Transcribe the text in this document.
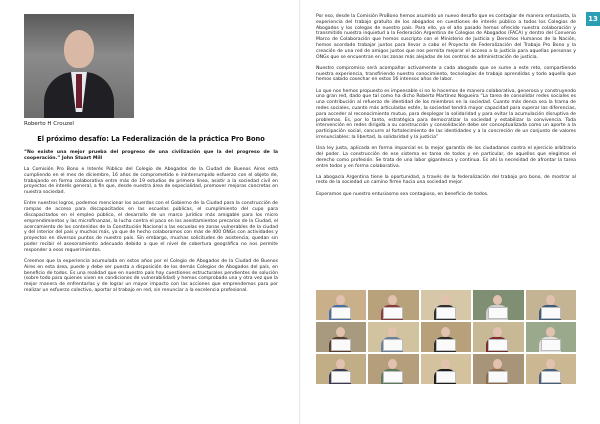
Roberto H Crouzel
El próximo desafío: La Federalización de la práctica Pro Bono

“No existe una mejor prueba del progreso de una civilización que la del progreso de la cooperación.” John Stuart Mill

La Comisión Pro Bono e Interés Público del Colegio de Abogados de la Ciudad de Buenos Aires está cumpliendo en el mes de diciembre, 16 años de comprometido e ininterrumpido esfuerzo con el objeto de, trabajando en forma colaborativa entre más de 19 estudios de primera línea, asistir a la sociedad civil en proyectos de interés general, a fin que, desde nuestra área de especialidad, promover mejoras concretas en nuestra sociedad.

Entre nuestros logros, podemos mencionar los acuerdos con el Gobierno de la Ciudad para la construcción de rampas de acceso para discapacitados en las escuelas públicas, el cumplimiento del cupo para discapacitados en el empleo público, el desarrollo de un marco jurídico más amigable para los micro emprendimientos y las microfinanzas, la lucha contra el paco en los asentamientos precarios de la Ciudad, el acercamiento de los contenidos de la Constitución Nacional a las escuelas en zonas vulnerables de la ciudad y del interior del país y muchos más, ya que de hecho colaboramos con más de 400 ONGs con actividades y proyectos en diversos puntos de nuestro país. Sin embargo, muchas solicitudes de asistencia, quedan sin poder recibir el asesoramiento adecuado debido a que el nivel de cobertura geográfica no nos permite responder a esos requerimientos.

Creemos que la experiencia acumulada en estos años por el Colegio de Abogados de la Ciudad de Buenos Aires en esta área, puede y debe ser puesta a disposición de los demás Colegios de Abogados del país, en beneficio de todos. Es una realidad que en nuestro país hay cuestiones estructurales pendientes de solución (sobre todo para quienes viven en condiciones de vulnerabilidad) y hemos comprobado una y otra vez que la mejor manera de enfrentarlas y de lograr un mayor impacto con las acciones que emprendemos para por realizar un esfuerzo colectivo, aportar al trabajo en red, sin renunciar a la excelencia profesional.

13

Por eso, desde la Comisión ProBono hemos asumido un nuevo desafío que es contagiar de manera entusiasta, la experiencia del trabajo gratuito de los abogados en cuestiones de interés público a todos los Colegios de Abogados y los colegas de nuestro país. Para ello, ya el año pasado hemos ofrecido nuestra colaboración y transmitido nuestra inquietud a la Federación Argentina de Colegios de Abogados (FACA) y dentro del Convenio Marco de Colaboración que hemos suscripto con el Ministerio de Justicia y Derechos Humanos de la Nación, hemos acordado trabajar juntos para llevar a cabo el Proyecto de Federalización del Trabajo Pro Bono y la creación de una red de amigos juntos que nos permita mejorar el acceso a la justicia para aquellas personas y ONGs que se encuentran en las zonas más alejadas de los centros de administración de justicia.

Nuestro compromiso será acompañar activamente a cada abogado que se sume a este reto, compartiendo nuestra experiencia, transfiriendo nuestro conocimiento, tecnologías de trabajo aprendidas y todo aquello que hemos sabido cosechar en estos 16 intensos años de labor.

Lo que nos hemos propuesto es impensable si no lo hacemos de manera colaborativa, generosa y construyendo una gran red, dado que tal como ha dicho Roberto Martínez Nogueira “La tarea de consolidar redes sociales es una contribución al refuerzo de identidad de los miembros en la sociedad. Cuanto más densa sea la trama de redes sociales, cuanto más articuladas estén, la sociedad tendrá mayor capacidad para superar las diferencias, para acceder al reconocimiento mutuo, para desplegar la solidaridad y para evitar la acumulación disruptiva de problemas. Es, por lo tanto, estratégica para democratizar la sociedad y estabilizar la convivencia. Toda intervención en redes dirigida a su construcción y consolidación debe ser conceptualizada como un aporte a la participación social, concurre al fortalecimiento de las identidades y a la concreción de un conjunto de valores irrenunciables: la libertad, la solidaridad y la justicia”

Una ley justa, aplicada en forma imparcial es la mejor garantía de los ciudadanos contra el ejercicio arbitrario del poder. La construcción de ese sistema es tarea de todos y en particular, de aquellos que elegimos el derecho como profesión. Se trata de una labor gigantesca y continua. Es ahí la necesidad de afrontar la tarea entre todos y en forma colaborativa.

La abogacía Argentina tiene la oportunidad, a través de la federalización del trabajo pro bono, de mostrar al resto de la sociedad un camino firme hacia una sociedad mejor.

Esperamos que nuestro entusiasmo sea contagioso, en beneficio de todos.
